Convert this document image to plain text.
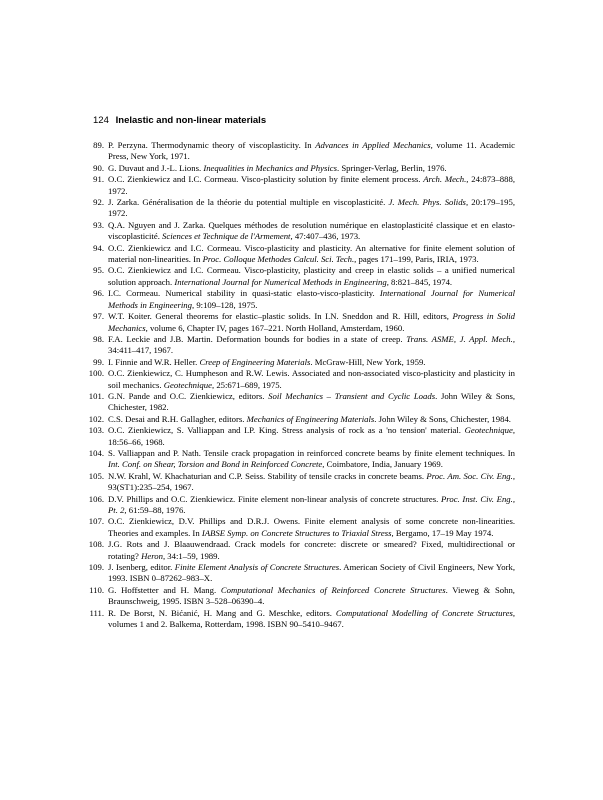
124 Inelastic and non-linear materials
89. P. Perzyna. Thermodynamic theory of viscoplasticity. In Advances in Applied Mechanics, volume 11. Academic Press, New York, 1971.
90. G. Duvaut and J.-L. Lions. Inequalities in Mechanics and Physics. Springer-Verlag, Berlin, 1976.
91. O.C. Zienkiewicz and I.C. Cormeau. Visco-plasticity solution by finite element process. Arch. Mech., 24:873–888, 1972.
92. J. Zarka. Généralisation de la théorie du potential multiple en viscoplasticité. J. Mech. Phys. Solids, 20:179–195, 1972.
93. Q.A. Nguyen and J. Zarka. Quelques méthodes de resolution numérique en elastoplasticité classique et en elasto-viscoplasticité. Sciences et Technique de l'Armement, 47:407–436, 1973.
94. O.C. Zienkiewicz and I.C. Cormeau. Visco-plasticity and plasticity. An alternative for finite element solution of material non-linearities. In Proc. Colloque Methodes Calcul. Sci. Tech., pages 171–199, Paris, IRIA, 1973.
95. O.C. Zienkiewicz and I.C. Cormeau. Visco-plasticity, plasticity and creep in elastic solids – a unified numerical solution approach. International Journal for Numerical Methods in Engineering, 8:821–845, 1974.
96. I.C. Cormeau. Numerical stability in quasi-static elasto-visco-plasticity. International Journal for Numerical Methods in Engineering, 9:109–128, 1975.
97. W.T. Koiter. General theorems for elastic–plastic solids. In I.N. Sneddon and R. Hill, editors, Progress in Solid Mechanics, volume 6, Chapter IV, pages 167–221. North Holland, Amsterdam, 1960.
98. F.A. Leckie and J.B. Martin. Deformation bounds for bodies in a state of creep. Trans. ASME, J. Appl. Mech., 34:411–417, 1967.
99. I. Finnie and W.R. Heller. Creep of Engineering Materials. McGraw-Hill, New York, 1959.
100. O.C. Zienkiewicz, C. Humpheson and R.W. Lewis. Associated and non-associated visco-plasticity and plasticity in soil mechanics. Geotechnique, 25:671–689, 1975.
101. G.N. Pande and O.C. Zienkiewicz, editors. Soil Mechanics – Transient and Cyclic Loads. John Wiley & Sons, Chichester, 1982.
102. C.S. Desai and R.H. Gallagher, editors. Mechanics of Engineering Materials. John Wiley & Sons, Chichester, 1984.
103. O.C. Zienkiewicz, S. Valliappan and I.P. King. Stress analysis of rock as a 'no tension' material. Geotechnique, 18:56–66, 1968.
104. S. Valliappan and P. Nath. Tensile crack propagation in reinforced concrete beams by finite element techniques. In Int. Conf. on Shear, Torsion and Bond in Reinforced Concrete, Coimbatore, India, January 1969.
105. N.W. Krahl, W. Khachaturian and C.P. Seiss. Stability of tensile cracks in concrete beams. Proc. Am. Soc. Civ. Eng., 93(ST1):235–254, 1967.
106. D.V. Phillips and O.C. Zienkiewicz. Finite element non-linear analysis of concrete structures. Proc. Inst. Civ. Eng., Pt. 2, 61:59–88, 1976.
107. O.C. Zienkiewicz, D.V. Phillips and D.R.J. Owens. Finite element analysis of some concrete non-linearities. Theories and examples. In IABSE Symp. on Concrete Structures to Triaxial Stress, Bergamo, 17–19 May 1974.
108. J.G. Rots and J. Blaauwendraad. Crack models for concrete: discrete or smeared? Fixed, multidirectional or rotating? Heron, 34:1–59, 1989.
109. J. Isenberg, editor. Finite Element Analysis of Concrete Structures. American Society of Civil Engineers, New York, 1993. ISBN 0–87262–983–X.
110. G. Hoffstetter and H. Mang. Computational Mechanics of Reinforced Concrete Structures. Vieweg & Sohn, Braunschweig, 1995. ISBN 3–528–06390–4.
111. R. De Borst, N. Bićanić, H. Mang and G. Meschke, editors. Computational Modelling of Concrete Structures, volumes 1 and 2. Balkema, Rotterdam, 1998. ISBN 90–5410–9467.
